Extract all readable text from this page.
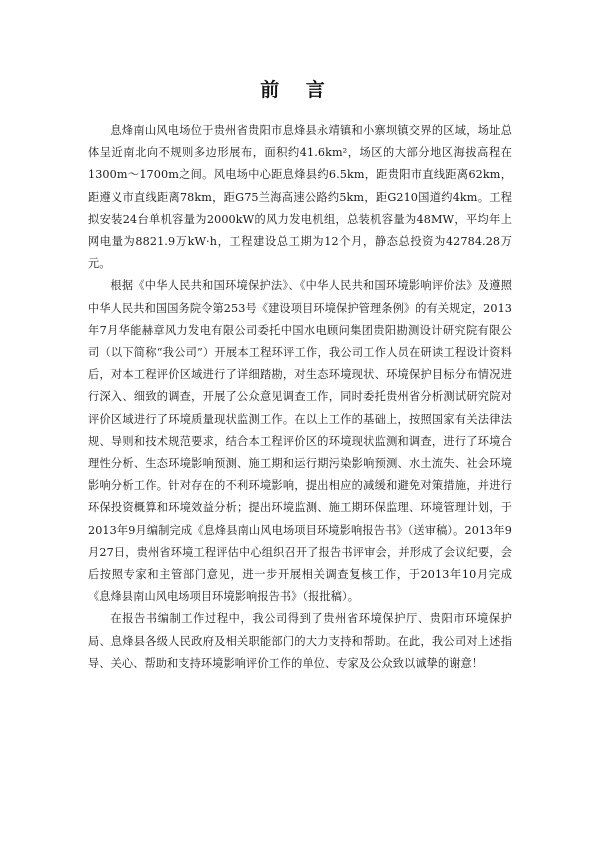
前 言

息烽南山风电场位于贵州省贵阳市息烽县永靖镇和小寨坝镇交界的区域，场址总体呈近南北向不规则多边形展布，面积约41.6km²，场区的大部分地区海拔高程在1300m～1700m之间。风电场中心距息烽县约6.5km，距贵阳市直线距离62km，距遵义市直线距离78km，距G75兰海高速公路约5km，距G210国道约4km。工程拟安装24台单机容量为2000kW的风力发电机组，总装机容量为48MW，平均年上网电量为8821.9万kW·h，工程建设总工期为12个月，静态总投资为42784.28万元。

根据《中华人民共和国环境保护法》、《中华人民共和国环境影响评价法》及遵照中华人民共和国国务院令第253号《建设项目环境保护管理条例》的有关规定，2013年7月华能赫章风力发电有限公司委托中国水电顾问集团贵阳勘测设计研究院有限公司（以下简称“我公司”）开展本工程环评工作，我公司工作人员在研读工程设计资料后，对本工程评价区域进行了详细踏勘，对生态环境现状、环境保护目标分布情况进行深入、细致的调查，开展了公众意见调查工作，同时委托贵州省分析测试研究院对评价区域进行了环境质量现状监测工作。在以上工作的基础上，按照国家有关法律法规、导则和技术规范要求，结合本工程评价区的环境现状监测和调查，进行了环境合理性分析、生态环境影响预测、施工期和运行期污染影响预测、水土流失、社会环境影响分析工作。针对存在的不利环境影响，提出相应的减缓和避免对策措施，并进行环保投资概算和环境效益分析；提出环境监测、施工期环保监理、环境管理计划，于2013年9月编制完成《息烽县南山风电场项目环境影响报告书》（送审稿）。2013年9月27日，贵州省环境工程评估中心组织召开了报告书评审会，并形成了会议纪要，会后按照专家和主管部门意见，进一步开展相关调查复核工作，于2013年10月完成《息烽县南山风电场项目环境影响报告书》（报批稿）。

在报告书编制工作过程中，我公司得到了贵州省环境保护厅、贵阳市环境保护局、息烽县各级人民政府及相关职能部门的大力支持和帮助。在此，我公司对上述指导、关心、帮助和支持环境影响评价工作的单位、专家及公众致以诚挚的谢意！
